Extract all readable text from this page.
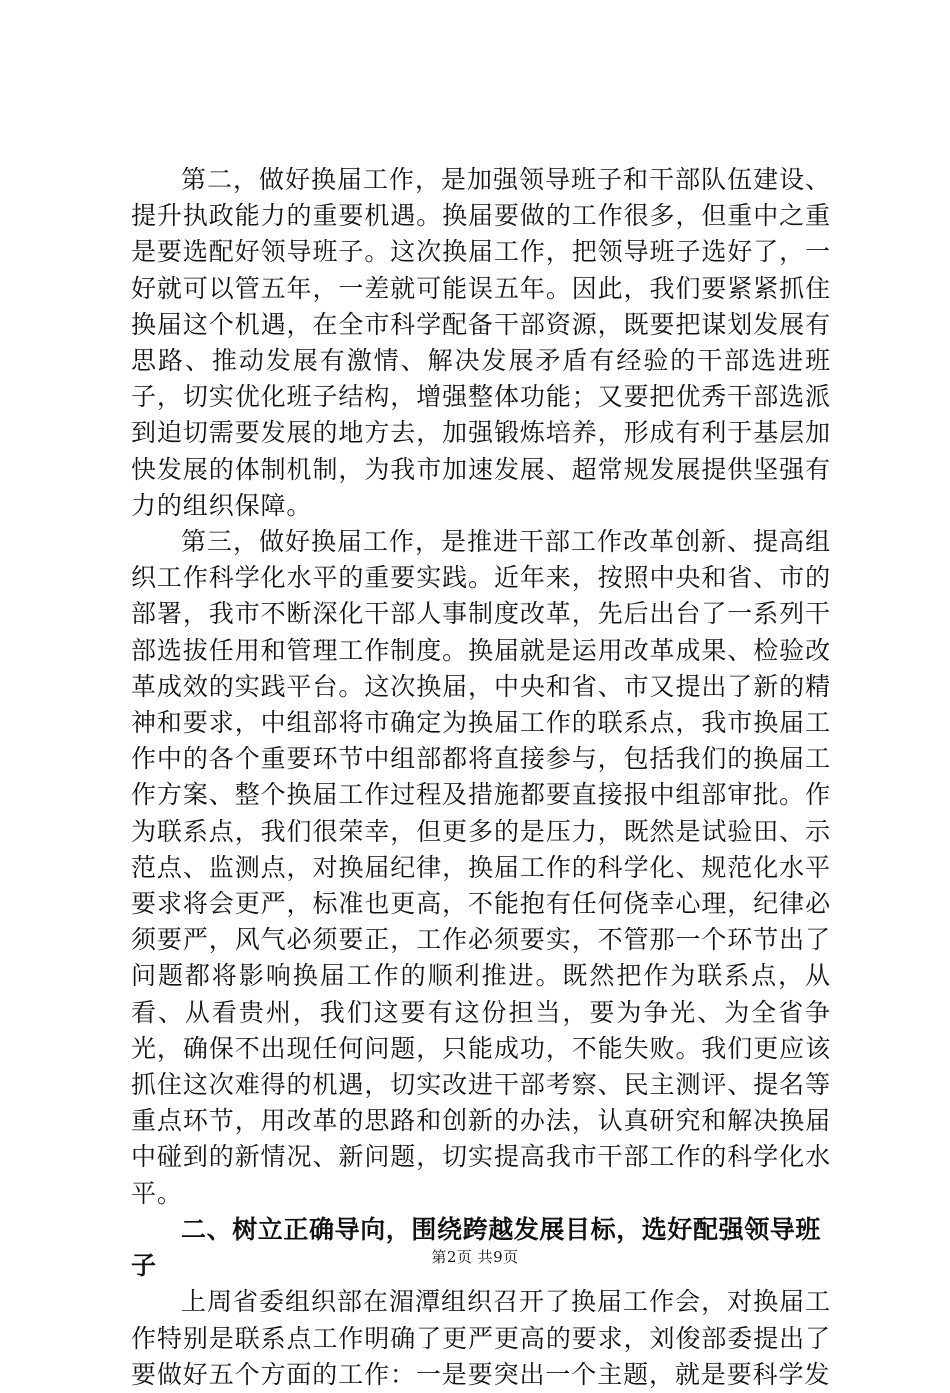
第二，做好换届工作，是加强领导班子和干部队伍建设、提升执政能力的重要机遇。换届要做的工作很多，但重中之重是要选配好领导班子。这次换届工作，把领导班子选好了，一好就可以管五年，一差就可能误五年。因此，我们要紧紧抓住换届这个机遇，在全市科学配备干部资源，既要把谋划发展有思路、推动发展有激情、解决发展矛盾有经验的干部选进班子，切实优化班子结构，增强整体功能；又要把优秀干部选派到迫切需要发展的地方去，加强锻炼培养，形成有利于基层加快发展的体制机制，为我市加速发展、超常规发展提供坚强有力的组织保障。

第三，做好换届工作，是推进干部工作改革创新、提高组织工作科学化水平的重要实践。近年来，按照中央和省、市的部署，我市不断深化干部人事制度改革，先后出台了一系列干部选拔任用和管理工作制度。换届就是运用改革成果、检验改革成效的实践平台。这次换届，中央和省、市又提出了新的精神和要求，中组部将市确定为换届工作的联系点，我市换届工作中的各个重要环节中组部都将直接参与，包括我们的换届工作方案、整个换届工作过程及措施都要直接报中组部审批。作为联系点，我们很荣幸，但更多的是压力，既然是试验田、示范点、监测点，对换届纪律，换届工作的科学化、规范化水平要求将会更严，标准也更高，不能抱有任何侥幸心理，纪律必须要严，风气必须要正，工作必须要实，不管那一个环节出了问题都将影响换届工作的顺利推进。既然把作为联系点，从看、从看贵州，我们这要有这份担当，要为争光、为全省争光，确保不出现任何问题，只能成功，不能失败。我们更应该抓住这次难得的机遇，切实改进干部考察、民主测评、提名等重点环节，用改革的思路和创新的办法，认真研究和解决换届中碰到的新情况、新问题，切实提高我市干部工作的科学化水平。

二、树立正确导向，围绕跨越发展目标，选好配强领导班子

上周省委组织部在湄潭组织召开了换届工作会，对换届工作特别是联系点工作明确了更严更高的要求，刘俊部委提出了要做好五个方面的工作：一是要突出一个主题，就是要科学发

第2页 共9页
